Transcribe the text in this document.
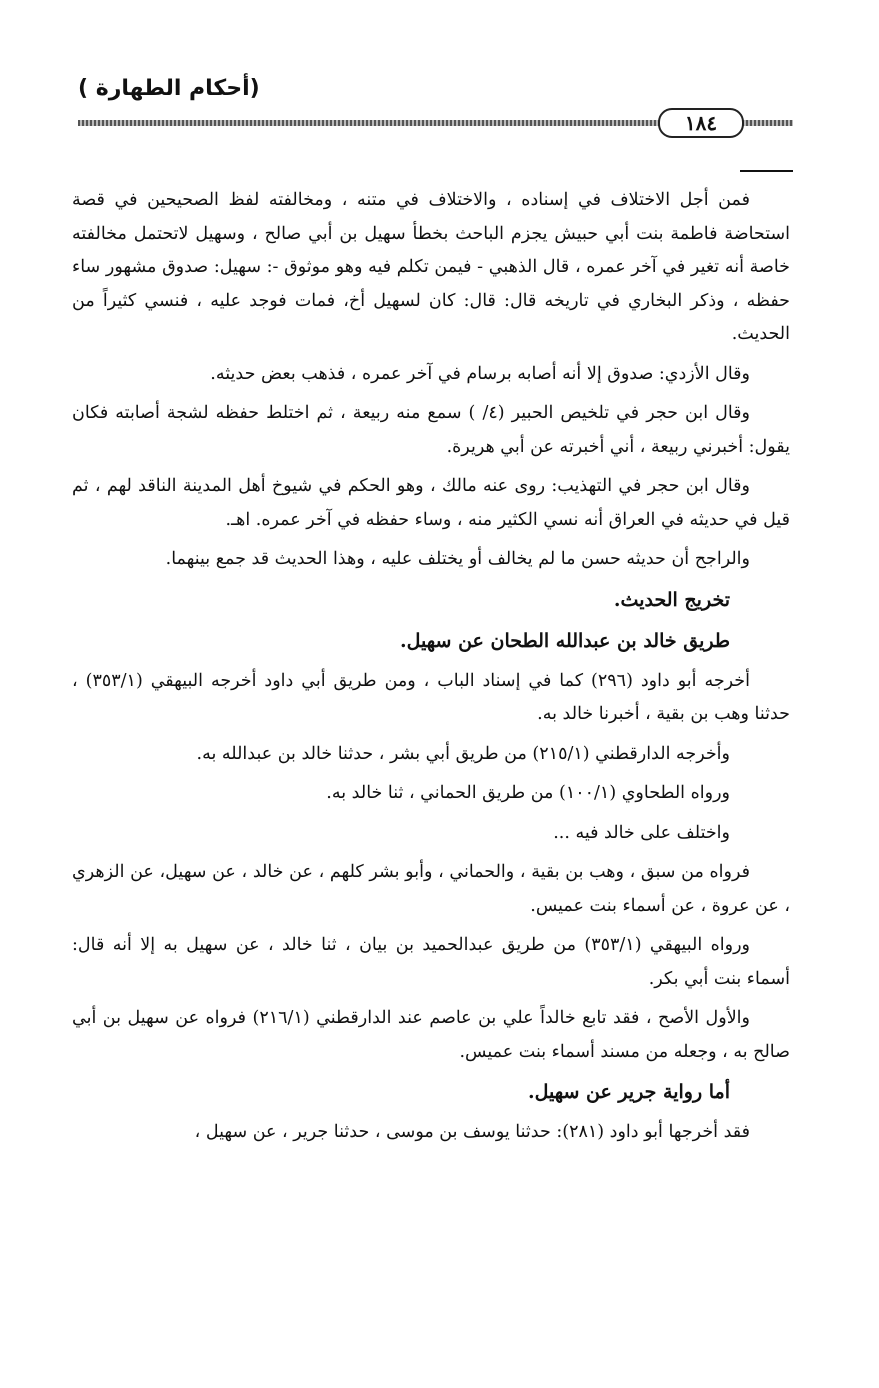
(أحكام الطهارة )
١٨٤

فمن أجل الاختلاف في إسناده ، والاختلاف في متنه ، ومخالفته لفظ الصحيحين في قصة استحاضة فاطمة بنت أبي حبيش يجزم الباحث بخطأ سهيل بن أبي صالح ، وسهيل لاتحتمل مخالفته خاصة أنه تغير في آخر عمره ، قال الذهبي - فيمن تكلم فيه وهو موثوق -: سهيل: صدوق مشهور ساء حفظه ، وذكر البخاري في تاريخه قال: قال: كان لسهيل أخ، فمات فوجد عليه ، فنسي كثيراً من الحديث.

وقال الأزدي: صدوق إلا أنه أصابه برسام في آخر عمره ، فذهب بعض حديثه.

وقال ابن حجر في تلخيص الحبير (٤/ ) سمع منه ربيعة ، ثم اختلط حفظه لشجة أصابته فكان يقول: أخبرني ربيعة ، أني أخبرته عن أبي هريرة.

وقال ابن حجر في التهذيب: روى عنه مالك ، وهو الحكم في شيوخ أهل المدينة الناقد لهم ، ثم قيل في حديثه في العراق أنه نسي الكثير منه ، وساء حفظه في آخر عمره. اهـ.

والراجح أن حديثه حسن ما لم يخالف أو يختلف عليه ، وهذا الحديث قد جمع بينهما.

تخريج الحديث.
طريق خالد بن عبدالله الطحان عن سهيل.

أخرجه أبو داود (٢٩٦) كما في إسناد الباب ، ومن طريق أبي داود أخرجه البيهقي (٣٥٣/١) ، حدثنا وهب بن بقية ، أخبرنا خالد به.

وأخرجه الدارقطني (٢١٥/١) من طريق أبي بشر ، حدثنا خالد بن عبدالله به.

ورواه الطحاوي (١٠٠/١) من طريق الحماني ، ثنا خالد به.

واختلف على خالد فيه ...

فرواه من سبق ، وهب بن بقية ، والحماني ، وأبو بشر كلهم ، عن خالد ، عن سهيل، عن الزهري ، عن عروة ، عن أسماء بنت عميس.

ورواه البيهقي (٣٥٣/١) من طريق عبدالحميد بن بيان ، ثنا خالد ، عن سهيل به إلا أنه قال: أسماء بنت أبي بكر.

والأول الأصح ، فقد تابع خالداً علي بن عاصم عند الدارقطني (٢١٦/١) فرواه عن سهيل بن أبي صالح به ، وجعله من مسند أسماء بنت عميس.

أما رواية جرير عن سهيل.

فقد أخرجها أبو داود (٢٨١): حدثنا يوسف بن موسى ، حدثنا جرير ، عن سهيل ،
